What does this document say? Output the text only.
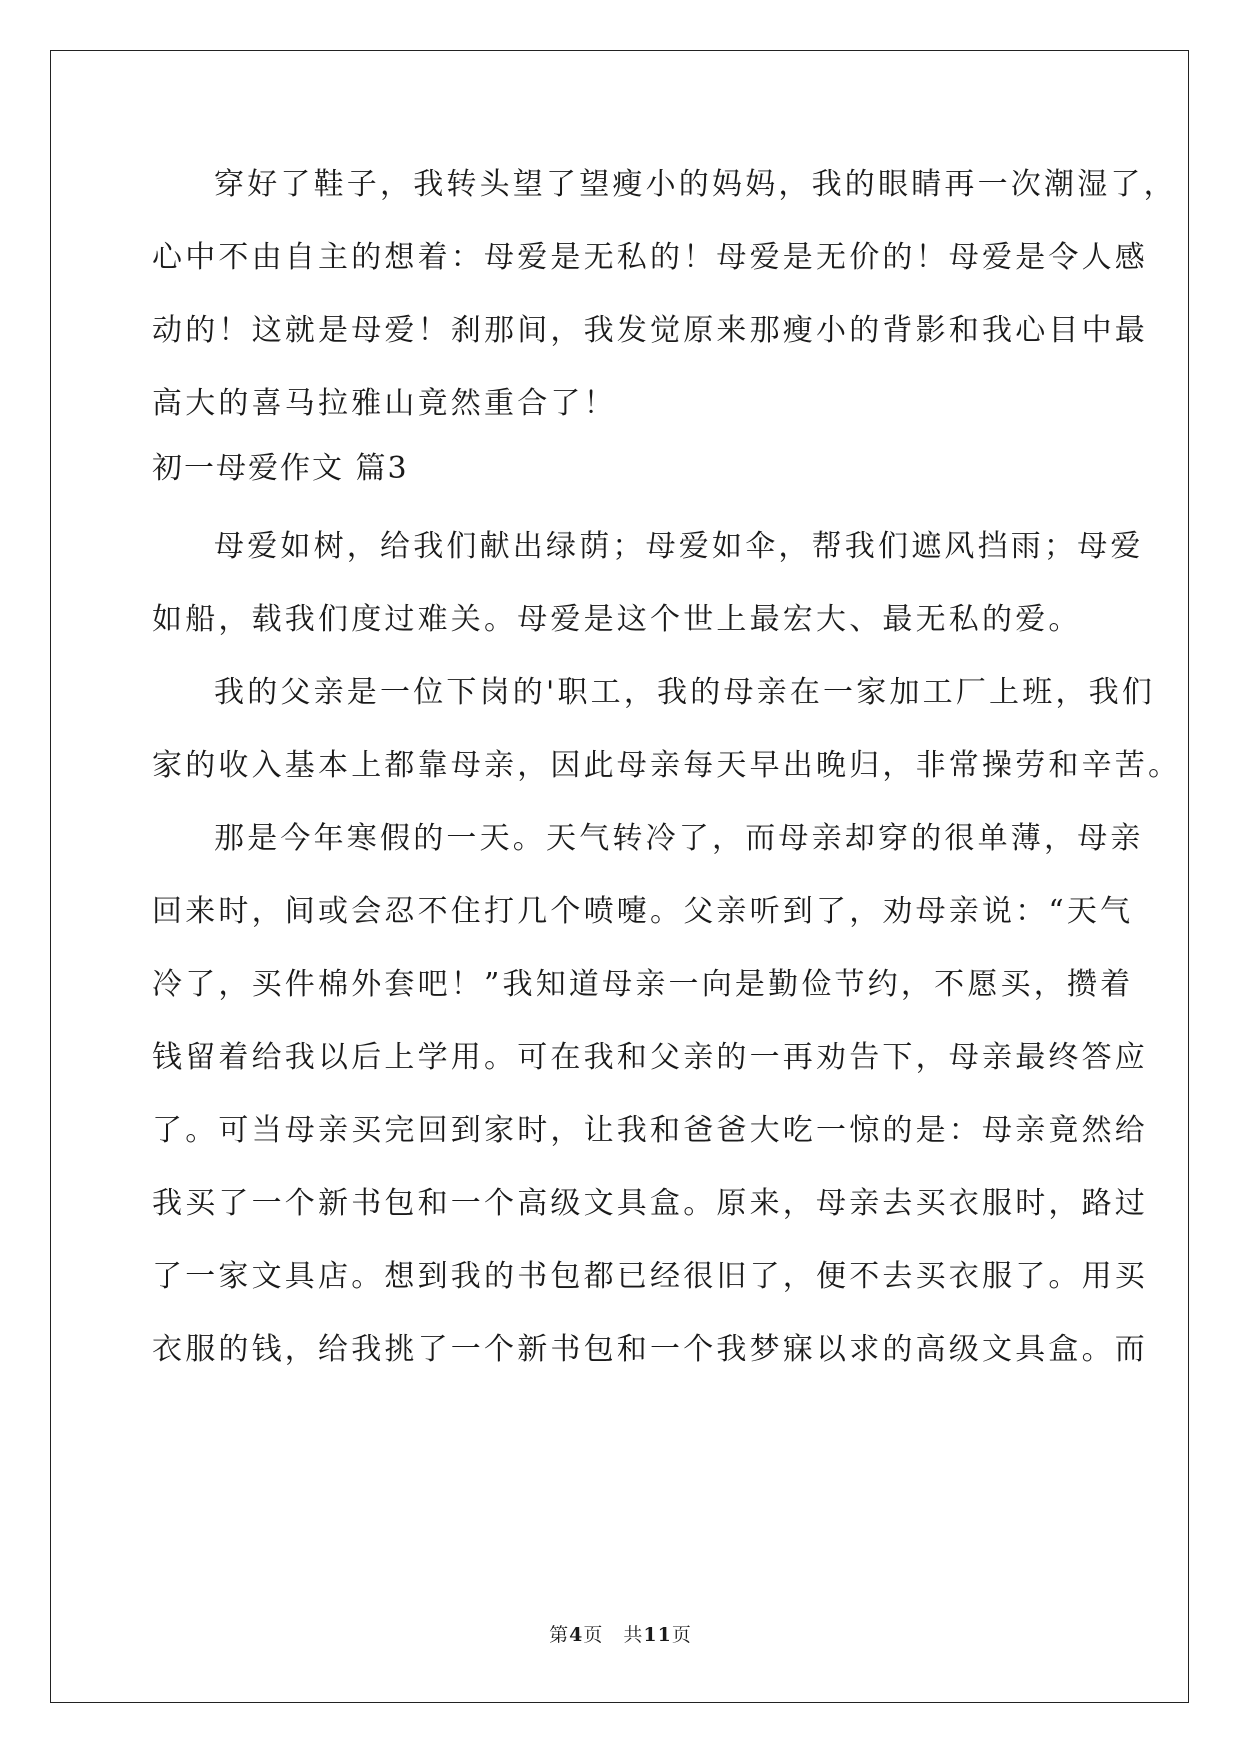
穿好了鞋子，我转头望了望瘦小的妈妈，我的眼睛再一次潮湿了，
心中不由自主的想着：母爱是无私的！母爱是无价的！母爱是令人感
动的！这就是母爱！刹那间，我发觉原来那瘦小的背影和我心目中最
高大的喜马拉雅山竟然重合了！
初一母爱作文 篇3
母爱如树，给我们献出绿荫；母爱如伞，帮我们遮风挡雨；母爱
如船，载我们度过难关。母爱是这个世上最宏大、最无私的爱。
我的父亲是一位下岗的'职工，我的母亲在一家加工厂上班，我们
家的收入基本上都靠母亲，因此母亲每天早出晚归，非常操劳和辛苦。
那是今年寒假的一天。天气转冷了，而母亲却穿的很单薄，母亲
回来时，间或会忍不住打几个喷嚏。父亲听到了，劝母亲说：“天气
冷了，买件棉外套吧！”我知道母亲一向是勤俭节约，不愿买，攒着
钱留着给我以后上学用。可在我和父亲的一再劝告下，母亲最终答应
了。可当母亲买完回到家时，让我和爸爸大吃一惊的是：母亲竟然给
我买了一个新书包和一个高级文具盒。原来，母亲去买衣服时，路过
了一家文具店。想到我的书包都已经很旧了，便不去买衣服了。用买
衣服的钱，给我挑了一个新书包和一个我梦寐以求的高级文具盒。而
第4页　共11页
